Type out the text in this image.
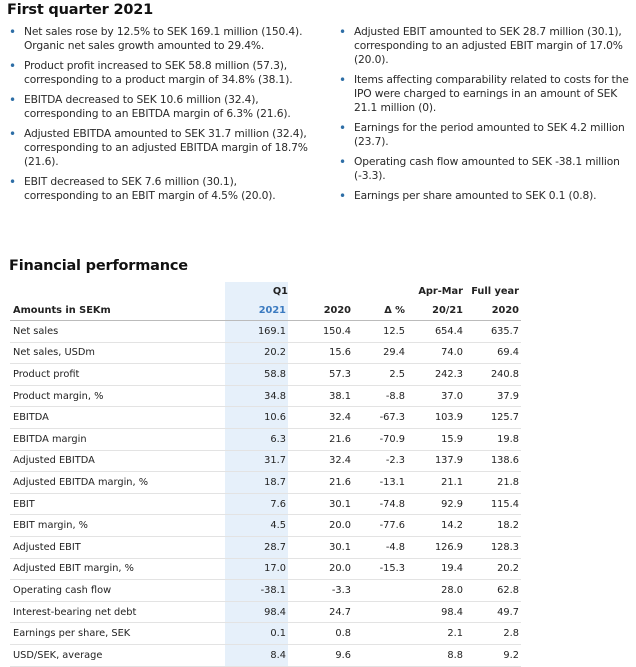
First quarter 2021
• Net sales rose by 12.5% to SEK 169.1 million (150.4). Organic net sales growth amounted to 29.4%.
• Product profit increased to SEK 58.8 million (57.3), corresponding to a product margin of 34.8% (38.1).
• EBITDA decreased to SEK 10.6 million (32.4), corresponding to an EBITDA margin of 6.3% (21.6).
• Adjusted EBITDA amounted to SEK 31.7 million (32.4), corresponding to an adjusted EBITDA margin of 18.7% (21.6).
• EBIT decreased to SEK 7.6 million (30.1), corresponding to an EBIT margin of 4.5% (20.0).
• Adjusted EBIT amounted to SEK 28.7 million (30.1), corresponding to an adjusted EBIT margin of 17.0% (20.0).
• Items affecting comparability related to costs for the IPO were charged to earnings in an amount of SEK 21.1 million (0).
• Earnings for the period amounted to SEK 4.2 million (23.7).
• Operating cash flow amounted to SEK -38.1 million (-3.3).
• Earnings per share amounted to SEK 0.1 (0.8).
Financial performance
	Q1			Apr-Mar	Full year
Amounts in SEKm	2021	2020	Δ %	20/21	2020
Net sales	169.1	150.4	12.5	654.4	635.7
Net sales, USDm	20.2	15.6	29.4	74.0	69.4
Product profit	58.8	57.3	2.5	242.3	240.8
Product margin, %	34.8	38.1	-8.8	37.0	37.9
EBITDA	10.6	32.4	-67.3	103.9	125.7
EBITDA margin	6.3	21.6	-70.9	15.9	19.8
Adjusted EBITDA	31.7	32.4	-2.3	137.9	138.6
Adjusted EBITDA margin, %	18.7	21.6	-13.1	21.1	21.8
EBIT	7.6	30.1	-74.8	92.9	115.4
EBIT margin, %	4.5	20.0	-77.6	14.2	18.2
Adjusted EBIT	28.7	30.1	-4.8	126.9	128.3
Adjusted EBIT margin, %	17.0	20.0	-15.3	19.4	20.2
Operating cash flow	-38.1	-3.3		28.0	62.8
Interest-bearing net debt	98.4	24.7		98.4	49.7
Earnings per share, SEK	0.1	0.8		2.1	2.8
USD/SEK, average	8.4	9.6		8.8	9.2
